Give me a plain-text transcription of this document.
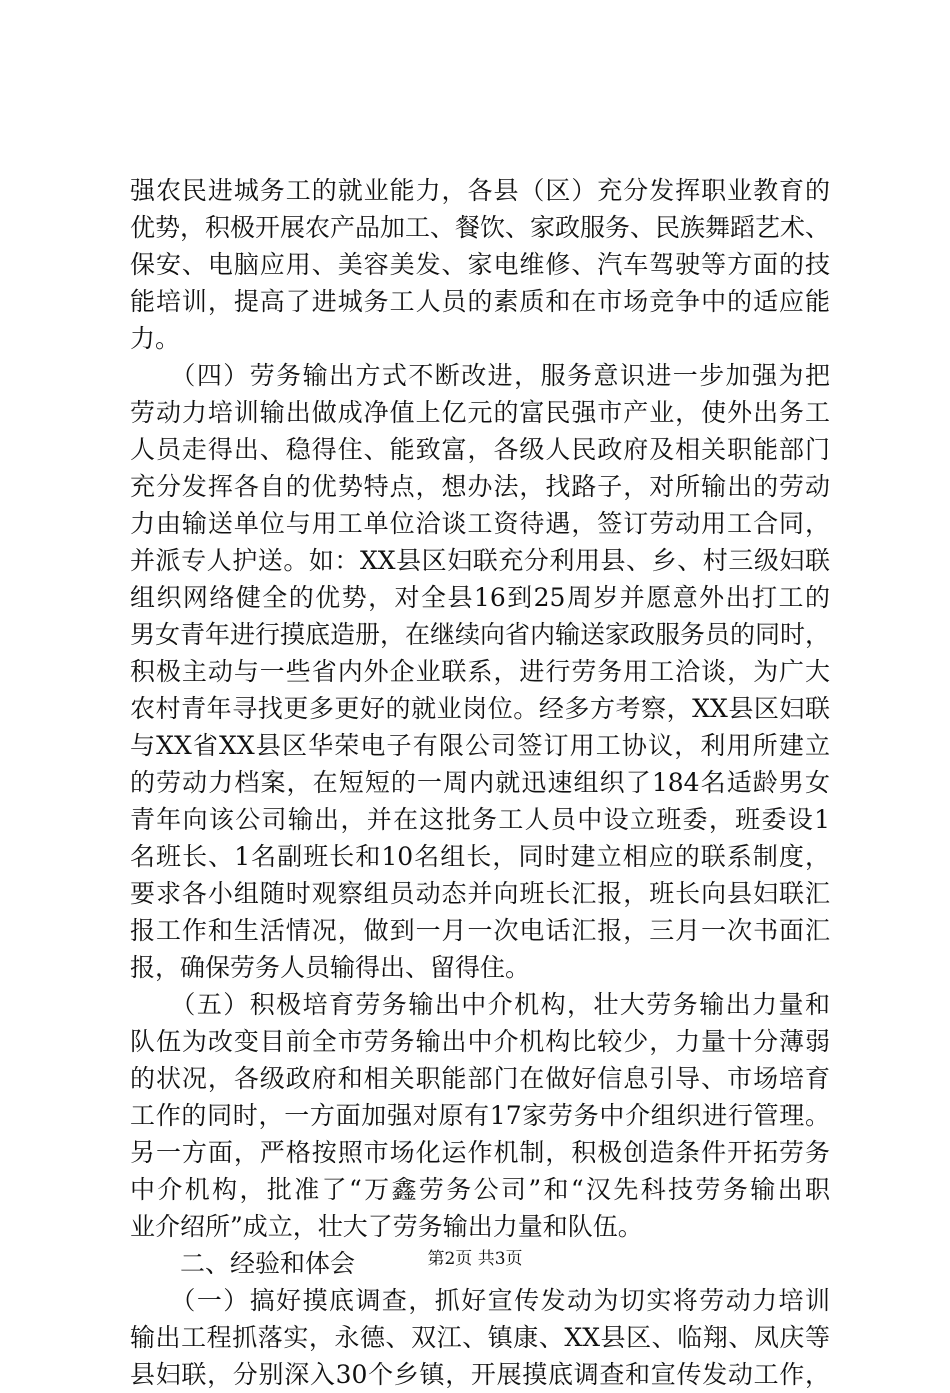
强农民进城务工的就业能力，各县（区）充分发挥职业教育的
优势，积极开展农产品加工、餐饮、家政服务、民族舞蹈艺术、
保安、电脑应用、美容美发、家电维修、汽车驾驶等方面的技
能培训，提高了进城务工人员的素质和在市场竞争中的适应能
力。
　　（四）劳务输出方式不断改进，服务意识进一步加强为把
劳动力培训输出做成净值上亿元的富民强市产业，使外出务工
人员走得出、稳得住、能致富，各级人民政府及相关职能部门
充分发挥各自的优势特点，想办法，找路子，对所输出的劳动
力由输送单位与用工单位洽谈工资待遇，签订劳动用工合同，
并派专人护送。如：XX县区妇联充分利用县、乡、村三级妇联
组织网络健全的优势，对全县16到25周岁并愿意外出打工的
男女青年进行摸底造册，在继续向省内输送家政服务员的同时，
积极主动与一些省内外企业联系，进行劳务用工洽谈，为广大
农村青年寻找更多更好的就业岗位。经多方考察，XX县区妇联
与XX省XX县区华荣电子有限公司签订用工协议，利用所建立
的劳动力档案，在短短的一周内就迅速组织了184名适龄男女
青年向该公司输出，并在这批务工人员中设立班委，班委设1
名班长、1名副班长和10名组长，同时建立相应的联系制度，
要求各小组随时观察组员动态并向班长汇报，班长向县妇联汇
报工作和生活情况，做到一月一次电话汇报，三月一次书面汇
报，确保劳务人员输得出、留得住。
　　（五）积极培育劳务输出中介机构，壮大劳务输出力量和
队伍为改变目前全市劳务输出中介机构比较少，力量十分薄弱
的状况，各级政府和相关职能部门在做好信息引导、市场培育
工作的同时，一方面加强对原有17家劳务中介组织进行管理。
另一方面，严格按照市场化运作机制，积极创造条件开拓劳务
中介机构，批准了“万鑫劳务公司”和“汉先科技劳务输出职
业介绍所”成立，壮大了劳务输出力量和队伍。
　　二、经验和体会
　　（一）搞好摸底调查，抓好宣传发动为切实将劳动力培训
输出工程抓落实，永德、双江、镇康、XX县区、临翔、凤庆等
县妇联，分别深入30个乡镇，开展摸底调查和宣传发动工作，
第2页 共3页
